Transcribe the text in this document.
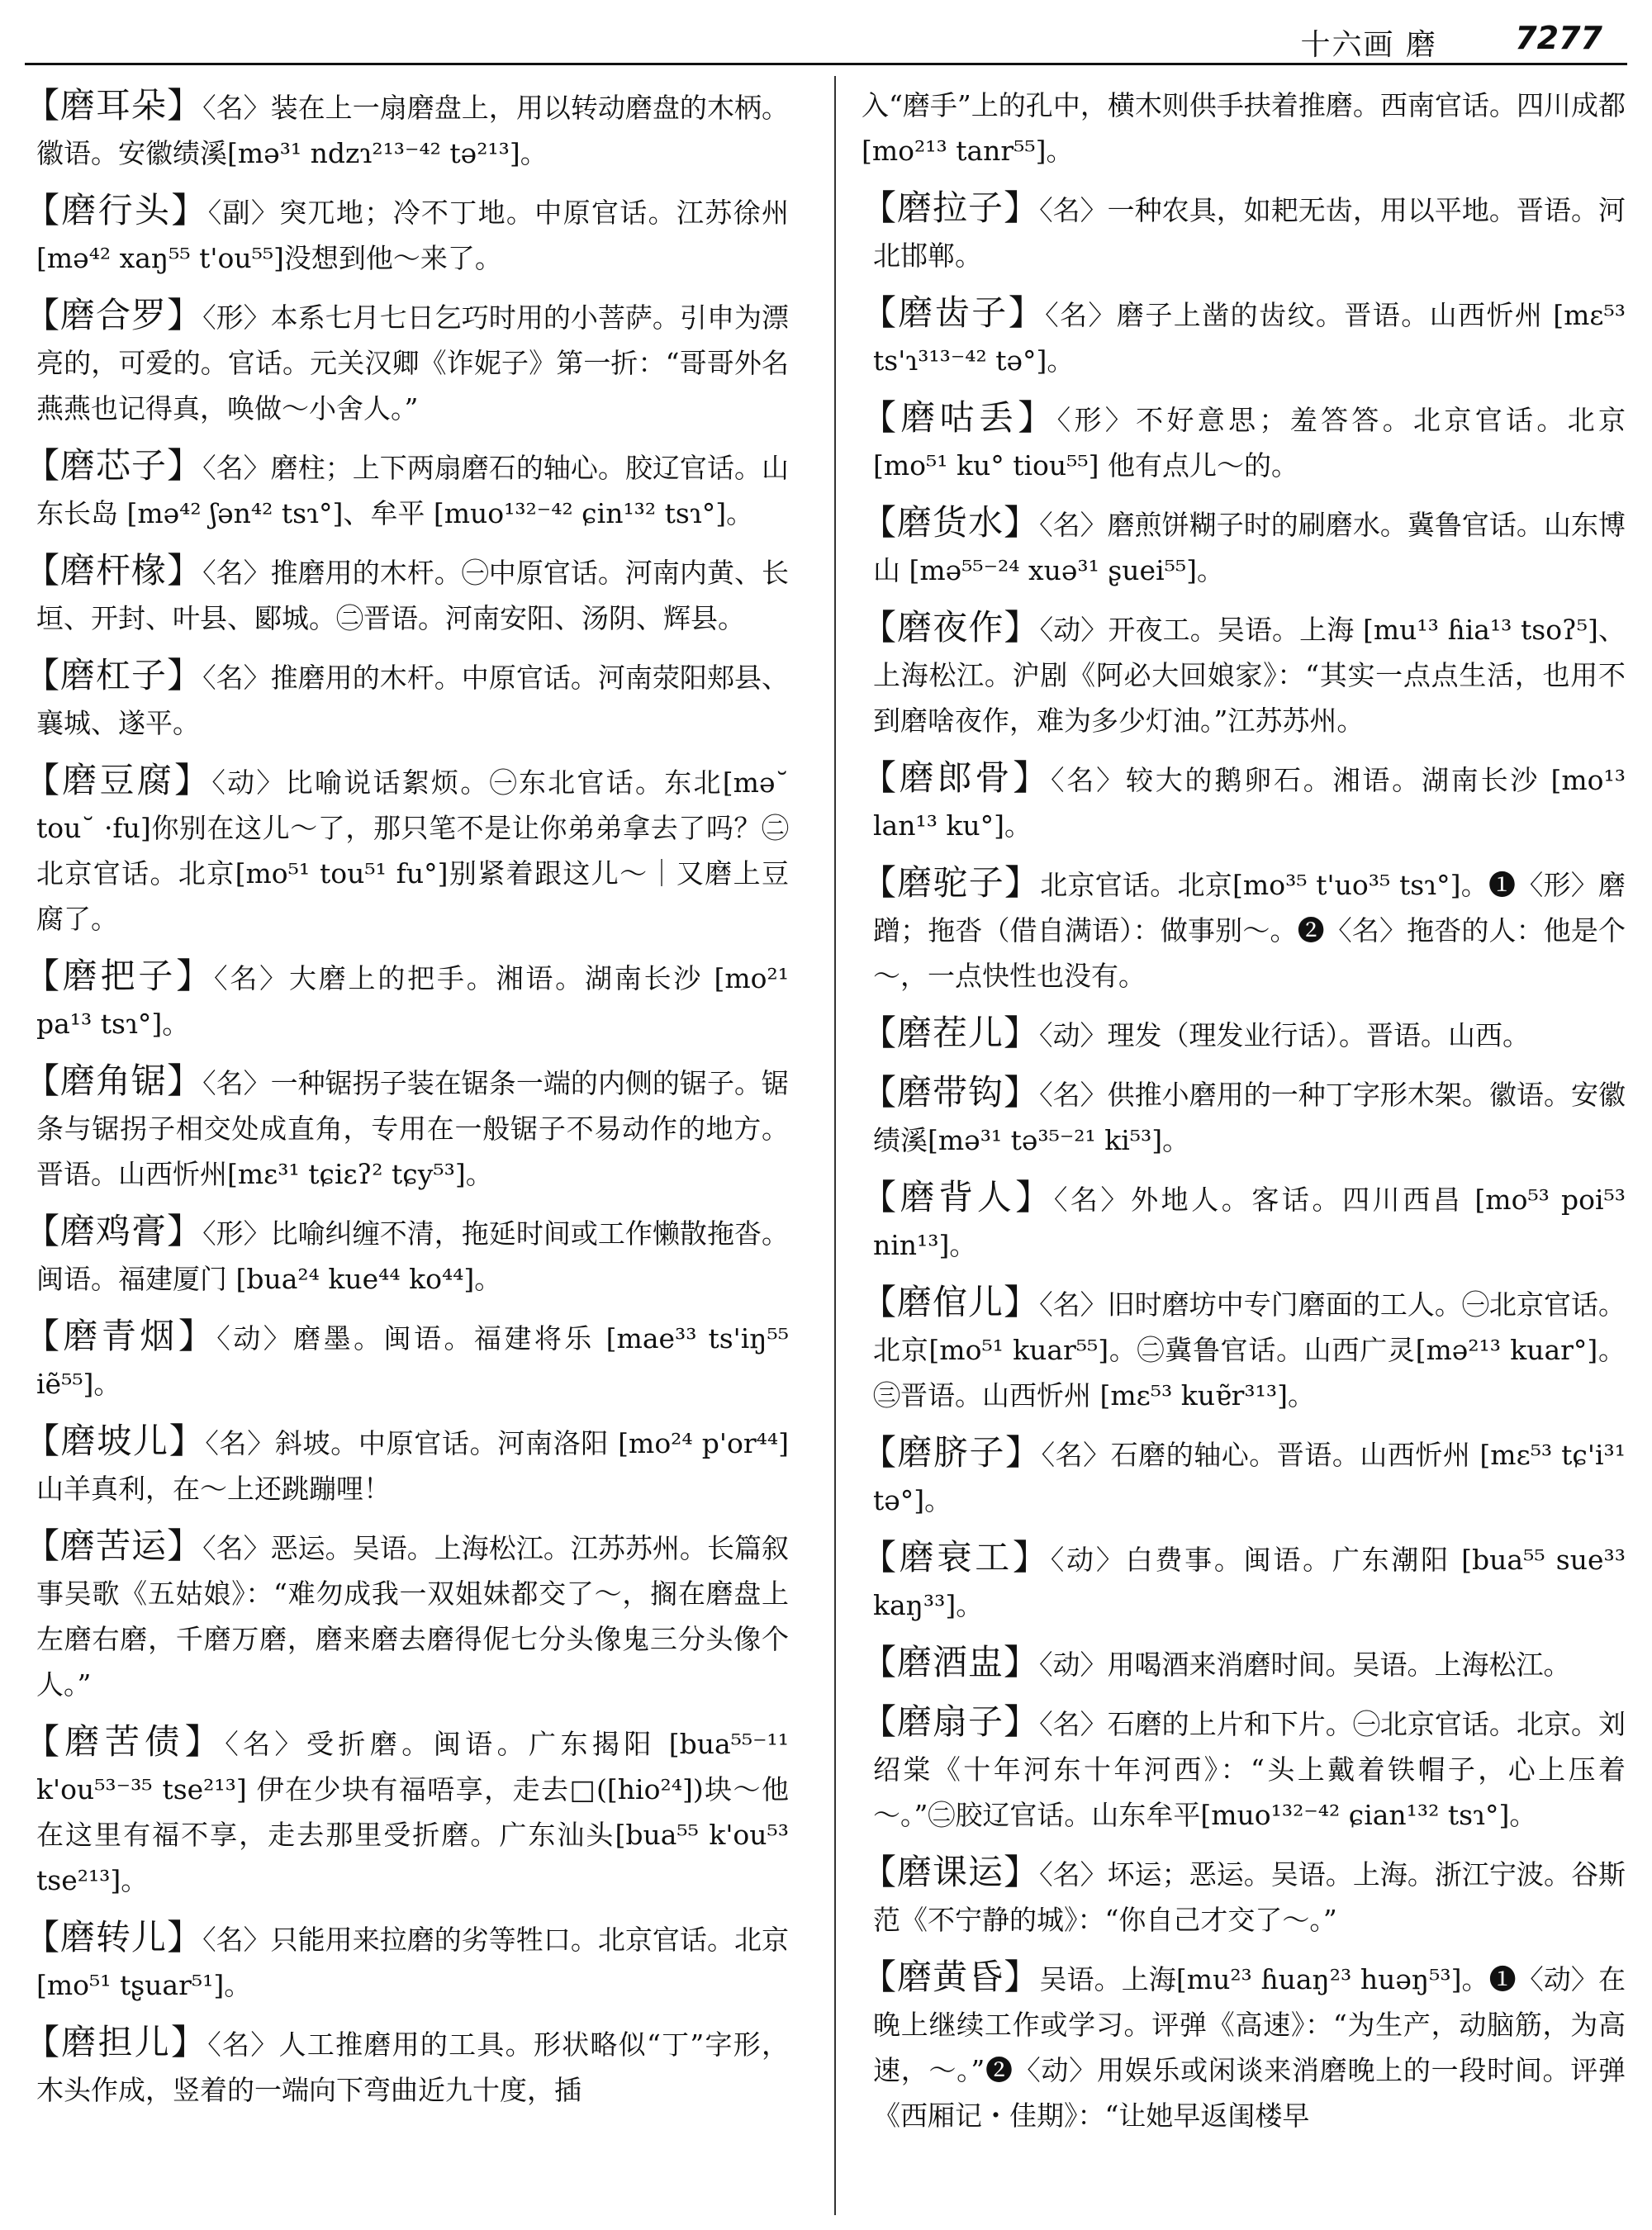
十六画 磨 7277

【磨耳朵】〈名〉装在上一扇磨盘上，用以转动磨盘的木柄。徽语。安徽绩溪[mə³¹ ndzɿ²¹³⁻⁴² tə²¹³]。

【磨行头】〈副〉突兀地；冷不丁地。中原官话。江苏徐州 [mə⁴² xaŋ⁵⁵ t'ou⁵⁵]没想到他～来了。

【磨合罗】〈形〉本系七月七日乞巧时用的小菩萨。引申为漂亮的，可爱的。官话。元关汉卿《诈妮子》第一折：“哥哥外名燕燕也记得真，唤做～小舍人。”

【磨芯子】〈名〉磨柱；上下两扇磨石的轴心。胶辽官话。山东长岛 [mə⁴² ʃən⁴² tsɿ°]、牟平 [muo¹³²⁻⁴² ɕin¹³² tsɿ°]。

【磨杆椽】〈名〉推磨用的木杆。㊀中原官话。河南内黄、长垣、开封、叶县、郾城。㊁晋语。河南安阳、汤阴、辉县。

【磨杠子】〈名〉推磨用的木杆。中原官话。河南荥阳郏县、襄城、遂平。

【磨豆腐】〈动〉比喻说话絮烦。㊀东北官话。东北[mə˘ tou˘ ·fu]你别在这儿～了，那只笔不是让你弟弟拿去了吗？㊁北京官话。北京[mo⁵¹ tou⁵¹ fu°]别紧着跟这儿～｜又磨上豆腐了。

【磨把子】〈名〉大磨上的把手。湘语。湖南长沙 [mo²¹ pa¹³ tsɿ°]。

【磨角锯】〈名〉一种锯拐子装在锯条一端的内侧的锯子。锯条与锯拐子相交处成直角，专用在一般锯子不易动作的地方。晋语。山西忻州[mɛ³¹ tɕiɛʔ² tɕy⁵³]。

【磨鸡膏】〈形〉比喻纠缠不清，拖延时间或工作懒散拖沓。闽语。福建厦门 [bua²⁴ kue⁴⁴ ko⁴⁴]。

【磨青烟】〈动〉磨墨。闽语。福建将乐 [mae³³ ts'iŋ⁵⁵ iẽ⁵⁵]。

【磨坡儿】〈名〉斜坡。中原官话。河南洛阳 [mo²⁴ p'or⁴⁴] 山羊真利，在～上还跳蹦哩！

【磨苦运】〈名〉恶运。吴语。上海松江。江苏苏州。长篇叙事吴歌《五姑娘》：“难勿成我一双姐妹都交了～，搁在磨盘上左磨右磨，千磨万磨，磨来磨去磨得伲七分头像鬼三分头像个人。”

【磨苦债】〈名〉受折磨。闽语。广东揭阳 [bua⁵⁵⁻¹¹ k'ou⁵³⁻³⁵ tse²¹³] 伊在少块有福唔享，走去□([hio²⁴])块～他在这里有福不享，走去那里受折磨。广东汕头[bua⁵⁵ k'ou⁵³ tse²¹³]。

【磨转儿】〈名〉只能用来拉磨的劣等牲口。北京官话。北京[mo⁵¹ tʂuar⁵¹]。

【磨担儿】〈名〉人工推磨用的工具。形状略似“丁”字形，木头作成，竖着的一端向下弯曲近九十度，插

入“磨手”上的孔中，横木则供手扶着推磨。西南官话。四川成都[mo²¹³ tanr⁵⁵]。

【磨拉子】〈名〉一种农具，如耙无齿，用以平地。晋语。河北邯郸。

【磨齿子】〈名〉磨子上凿的齿纹。晋语。山西忻州 [mɛ⁵³ ts'ɿ³¹³⁻⁴² tə°]。

【磨咕丢】〈形〉不好意思；羞答答。北京官话。北京 [mo⁵¹ ku° tiou⁵⁵] 他有点儿～的。

【磨货水】〈名〉磨煎饼糊子时的刷磨水。冀鲁官话。山东博山 [mə⁵⁵⁻²⁴ xuə³¹ ʂuei⁵⁵]。

【磨夜作】〈动〉开夜工。吴语。上海 [mu¹³ ɦia¹³ tsoʔ⁵]、上海松江。沪剧《阿必大回娘家》：“其实一点点生活，也用不到磨啥夜作，难为多少灯油。”江苏苏州。

【磨郎骨】〈名〉较大的鹅卵石。湘语。湖南长沙 [mo¹³ lan¹³ ku°]。

【磨驼子】北京官话。北京[mo³⁵ t'uo³⁵ tsɿ°]。❶〈形〉磨蹭；拖沓（借自满语）：做事别～。❷〈名〉拖沓的人：他是个～，一点快性也没有。

【磨茬儿】〈动〉理发（理发业行话）。晋语。山西。

【磨带钩】〈名〉供推小磨用的一种丁字形木架。徽语。安徽绩溪[mə³¹ tə³⁵⁻²¹ ki⁵³]。

【磨背人】〈名〉外地人。客话。四川西昌 [mo⁵³ poi⁵³ nin¹³]。

【磨倌儿】〈名〉旧时磨坊中专门磨面的工人。㊀北京官话。北京[mo⁵¹ kuar⁵⁵]。㊁冀鲁官话。山西广灵[mə²¹³ kuar°]。㊂晋语。山西忻州 [mɛ⁵³ kuɐ̃r³¹³]。

【磨脐子】〈名〉石磨的轴心。晋语。山西忻州 [mɛ⁵³ tɕ'i³¹ tə°]。

【磨衰工】〈动〉白费事。闽语。广东潮阳 [bua⁵⁵ sue³³ kaŋ³³]。

【磨酒盅】〈动〉用喝酒来消磨时间。吴语。上海松江。

【磨扇子】〈名〉石磨的上片和下片。㊀北京官话。北京。刘绍棠《十年河东十年河西》：“头上戴着铁帽子，心上压着～。”㊁胶辽官话。山东牟平[muo¹³²⁻⁴² ɕian¹³² tsɿ°]。

【磨课运】〈名〉坏运；恶运。吴语。上海。浙江宁波。谷斯范《不宁静的城》：“你自己才交了～。”

【磨黄昏】吴语。上海[mu²³ ɦuaŋ²³ huəŋ⁵³]。❶〈动〉在晚上继续工作或学习。评弹《高速》：“为生产，动脑筋，为高速，～。”❷〈动〉用娱乐或闲谈来消磨晚上的一段时间。评弹《西厢记・佳期》：“让她早返闺楼早
